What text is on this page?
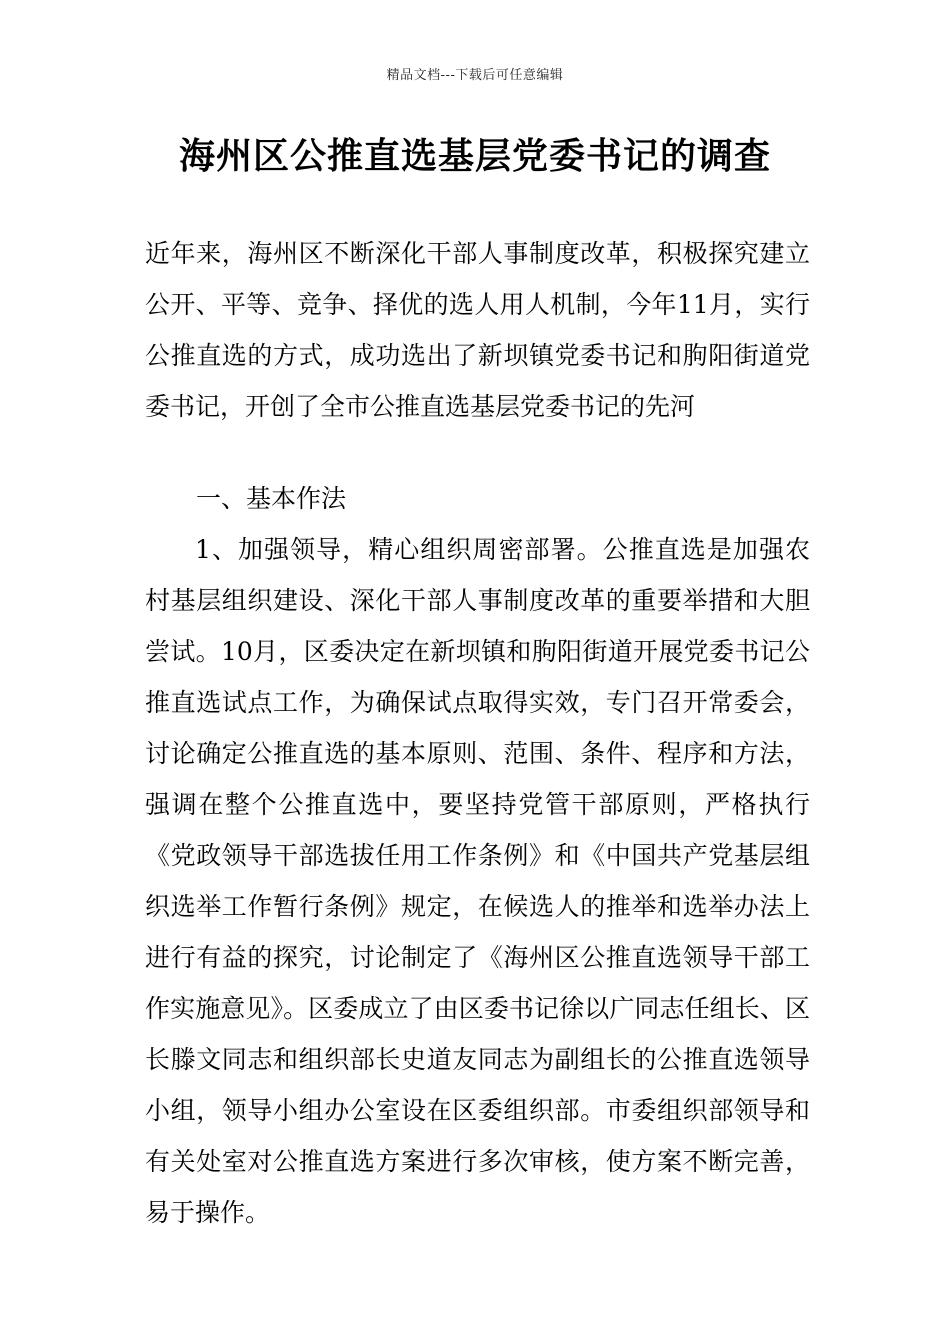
精品文档---下载后可任意编辑
海州区公推直选基层党委书记的调查

近年来，海州区不断深化干部人事制度改革，积极探究建立公开、平等、竞争、择优的选人用人机制，今年11月，实行公推直选的方式，成功选出了新坝镇党委书记和朐阳街道党委书记，开创了全市公推直选基层党委书记的先河

一、基本作法

1、加强领导，精心组织周密部署。公推直选是加强农村基层组织建设、深化干部人事制度改革的重要举措和大胆尝试。10月，区委决定在新坝镇和朐阳街道开展党委书记公推直选试点工作，为确保试点取得实效，专门召开常委会，讨论确定公推直选的基本原则、范围、条件、程序和方法，强调在整个公推直选中，要坚持党管干部原则，严格执行《党政领导干部选拔任用工作条例》和《中国共产党基层组织选举工作暂行条例》规定，在候选人的推举和选举办法上进行有益的探究，讨论制定了《海州区公推直选领导干部工作实施意见》。区委成立了由区委书记徐以广同志任组长、区长滕文同志和组织部长史道友同志为副组长的公推直选领导小组，领导小组办公室设在区委组织部。市委组织部领导和有关处室对公推直选方案进行多次审核，使方案不断完善，易于操作。
